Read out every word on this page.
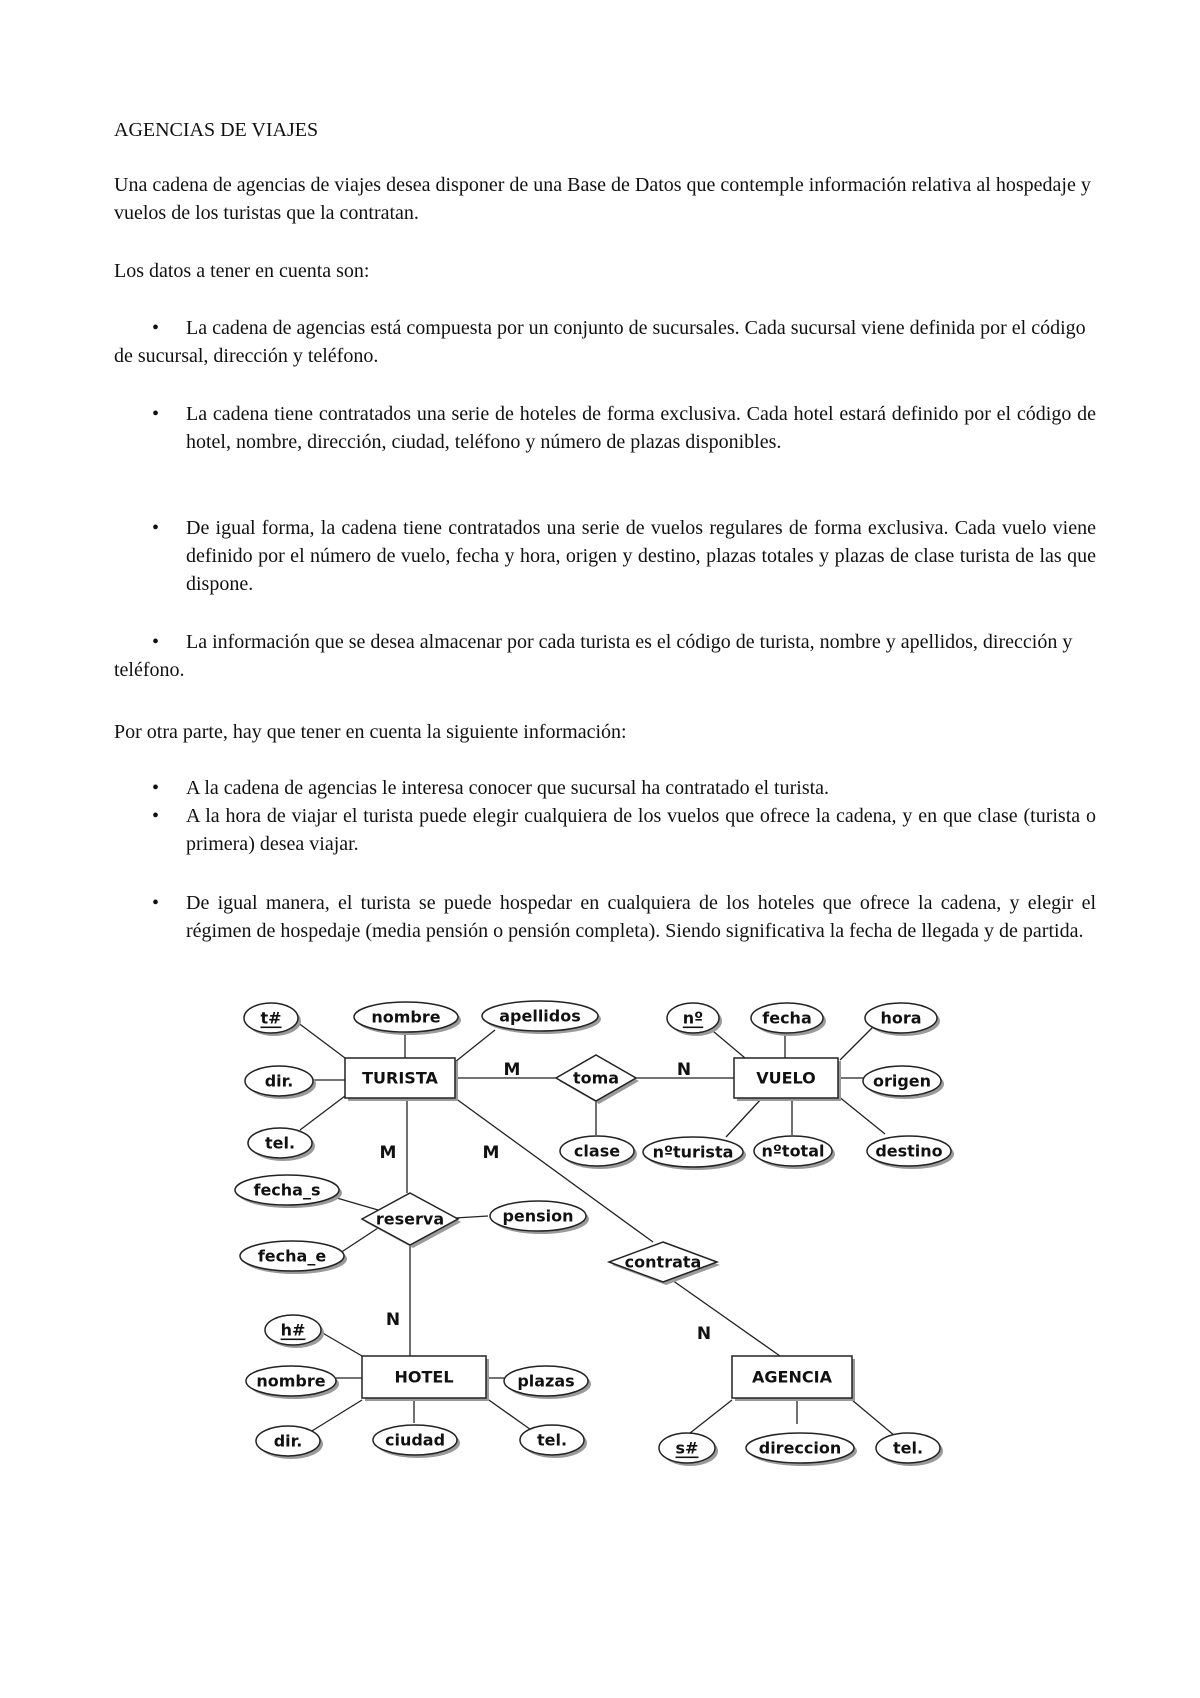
AGENCIAS DE VIAJES

Una cadena de agencias de viajes desea disponer de una Base de Datos que contemple información relativa al hospedaje y vuelos de los turistas que la contratan.

Los datos a tener en cuenta son:

•	La cadena de agencias está compuesta por un conjunto de sucursales. Cada sucursal viene definida por el código de sucursal, dirección y teléfono.
• La cadena tiene contratados una serie de hoteles de forma exclusiva. Cada hotel estará definido por el código de hotel, nombre, dirección, ciudad, teléfono y número de plazas disponibles.
• De igual forma, la cadena tiene contratados una serie de vuelos regulares de forma exclusiva. Cada vuelo viene definido por el número de vuelo, fecha y hora, origen y destino, plazas totales y plazas de clase turista de las que dispone.
•	La información que se desea almacenar por cada turista es el código de turista, nombre y apellidos, dirección y teléfono.

Por otra parte, hay que tener en cuenta la siguiente información:

• A la cadena de agencias le interesa conocer que sucursal ha contratado el turista.
• A la hora de viajar el turista puede elegir cualquiera de los vuelos que ofrece la cadena, y en que clase (turista o primera) desea viajar.
• De igual manera, el turista se puede hospedar en cualquiera de los hoteles que ofrece la cadena, y elegir el régimen de hospedaje (media pensión o pensión completa). Siendo significativa la fecha de llegada y de partida.
TURISTA	VUELO
HOTEL	AGENCIA
toma
reserva
contrata
t#	nombre	apellidos
dir.
tel.
nº	fecha	hora
origen
nºturista nºtotal	destino
clase
fecha_s
fecha_e
pension
h#
nombre
dir.	ciudad	tel.
plazas
s#	direccion	tel.
M	N
M
N
M
N
